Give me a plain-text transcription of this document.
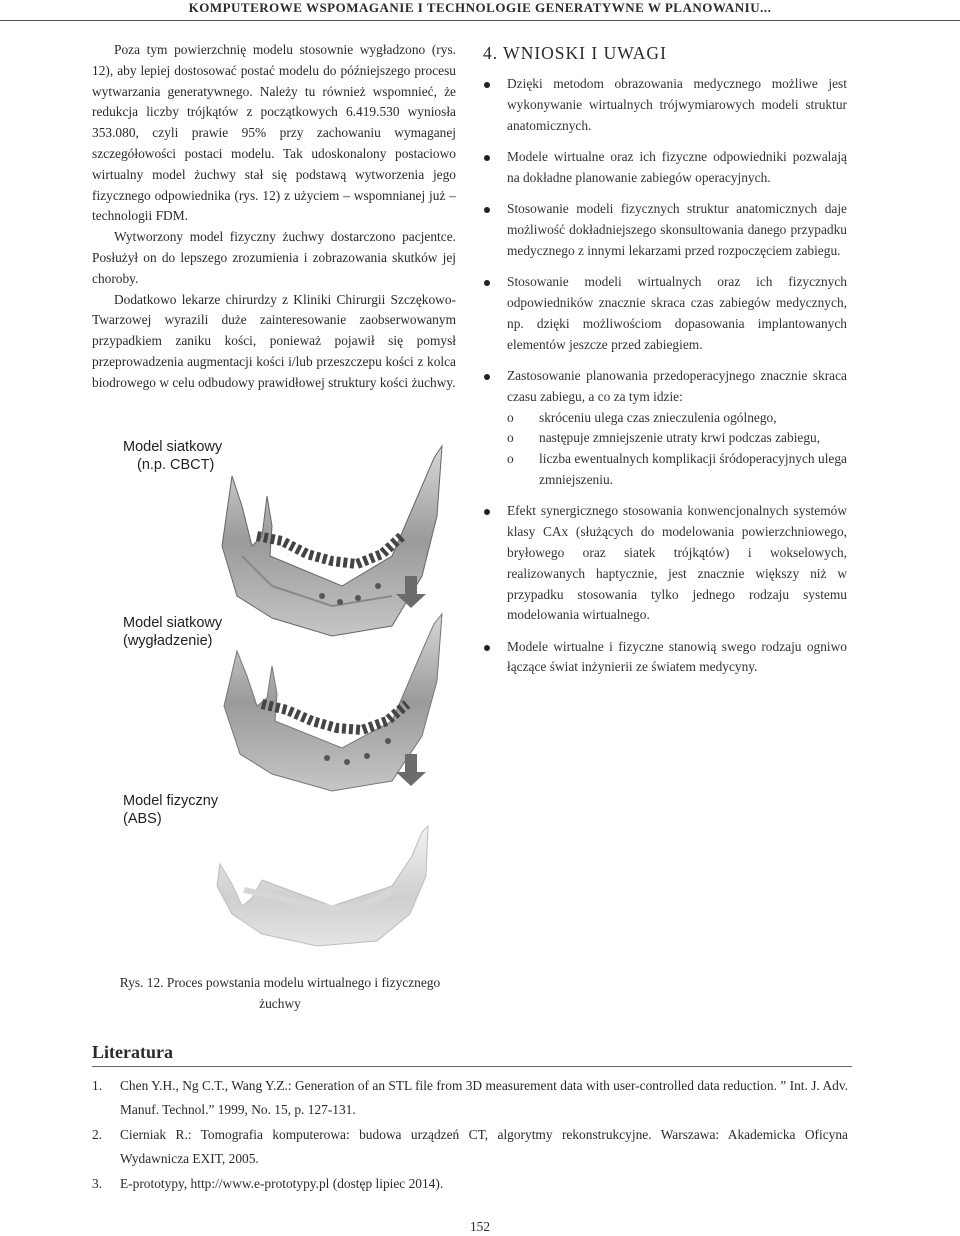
KOMPUTEROWE WSPOMAGANIE I TECHNOLOGIE GENERATYWNE W PLANOWANIU...

Poza tym powierzchnię modelu stosownie wygładzono (rys. 12), aby lepiej dostosować postać modelu do późniejszego procesu wytwarzania generatywnego. Należy tu również wspomnieć, że redukcja liczby trójkątów z początkowych 6.419.530 wyniosła 353.080, czyli prawie 95% przy zachowaniu wymaganej szczegółowości postaci modelu. Tak udoskonalony postaciowo wirtualny model żuchwy stał się podstawą wytworzenia jego fizycznego odpowiednika (rys. 12) z użyciem – wspomnianej już – technologii FDM.

Wytworzony model fizyczny żuchwy dostarczono pacjentce. Posłużył on do lepszego zrozumienia i zobrazowania skutków jej choroby.

Dodatkowo lekarze chirurdzy z Kliniki Chirurgii Szczękowo-Twarzowej wyrazili duże zainteresowanie zaobserwowanym przypadkiem zaniku kości, ponieważ pojawił się pomysł przeprowadzenia augmentacji kości i/lub przeszczepu kości z kolca biodrowego w celu odbudowy prawidłowej struktury kości żuchwy.

Model siatkowy

(n.p. CBCT)
Model siatkowy

(wygładzenie)
Model fizyczny

(ABS)
Rys. 12. Proces powstania modelu wirtualnego i fizycznego
żuchwy
4. WNIOSKI I UWAGI
Dzięki metodom obrazowania medycznego możliwe jest wykonywanie wirtualnych trójwymiarowych modeli struktur anatomicznych.
Modele wirtualne oraz ich fizyczne odpowiedniki pozwalają na dokładne planowanie zabiegów operacyjnych.
Stosowanie modeli fizycznych struktur anatomicznych daje możliwość dokładniejszego skonsultowania danego przypadku medycznego z innymi lekarzami przed rozpoczęciem zabiegu.
Stosowanie modeli wirtualnych oraz ich fizycznych odpowiedników znacznie skraca czas zabiegów medycznych, np. dzięki możliwościom dopasowania implantowanych elementów jeszcze przed zabiegiem.
Zastosowanie planowania przedoperacyjnego znacznie skraca czasu zabiegu, a co za tym idzie:
o skróceniu ulega czas znieczulenia ogólnego,
o następuje zmniejszenie utraty krwi podczas zabiegu,
o liczba ewentualnych komplikacji śródoperacyjnych ulega zmniejszeniu.
Efekt synergicznego stosowania konwencjonalnych systemów klasy CAx (służących do modelowania powierzchniowego, bryłowego oraz siatek trójkątów) i wokselowych, realizowanych haptycznie, jest znacznie większy niż w przypadku stosowania tylko jednego rodzaju systemu modelowania wirtualnego.
Modele wirtualne i fizyczne stanowią swego rodzaju ogniwo łączące świat inżynierii ze światem medycyny.
Literatura
1. Chen Y.H., Ng C.T., Wang Y.Z.: Generation of an STL file from 3D measurement data with user-controlled data reduction. ” Int. J. Adv. Manuf. Technol.” 1999, No. 15, p. 127-131.
2. Cierniak R.: Tomografia komputerowa: budowa urządzeń CT, algorytmy rekonstrukcyjne. Warszawa: Akademicka Oficyna Wydawnicza EXIT, 2005.
3. E-prototypy, http://www.e-prototypy.pl (dostęp lipiec 2014).
152
